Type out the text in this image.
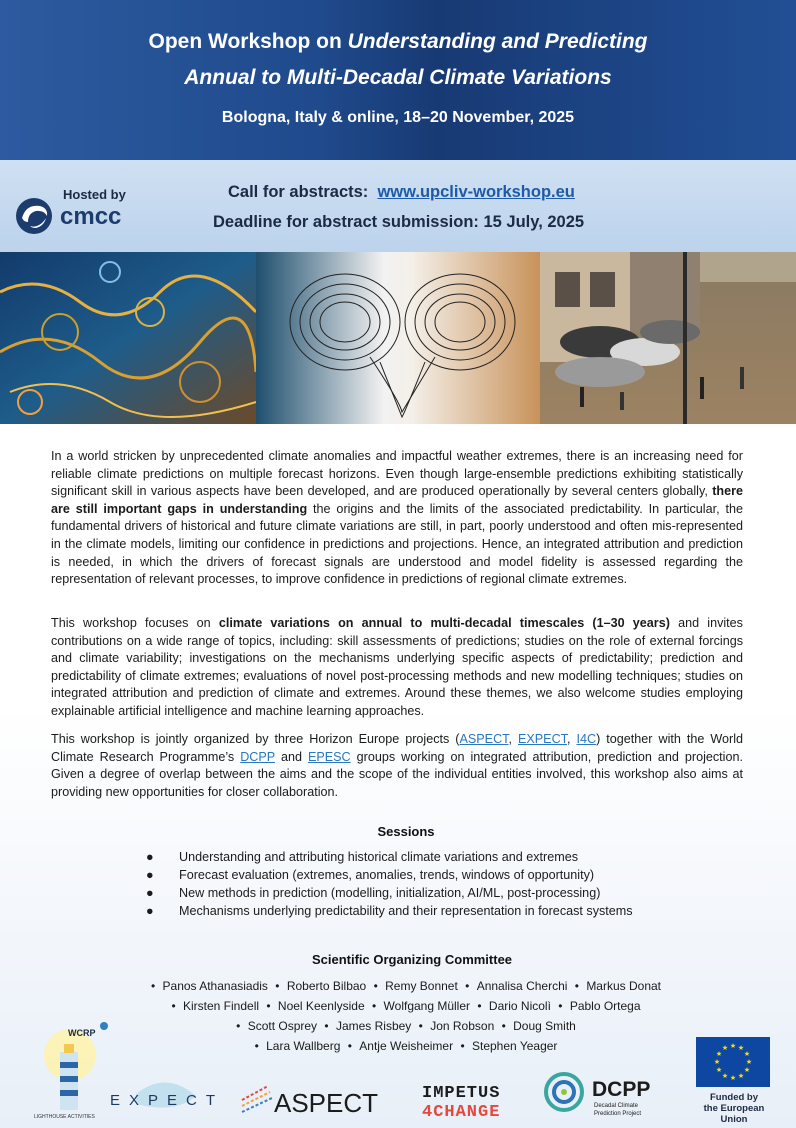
Open Workshop on Understanding and Predicting
Annual to Multi-Decadal Climate Variations
Bologna, Italy & online, 18–20 November, 2025
Hosted by
cmcc
Call for abstracts: www.upcliv-workshop.eu
Deadline for abstract submission: 15 July, 2025

In a world stricken by unprecedented climate anomalies and impactful weather extremes, there is an increasing need for reliable climate predictions on multiple forecast horizons. Even though large-ensemble predictions exhibiting statistically significant skill in various aspects have been developed, and are produced operationally by several centers globally, there are still important gaps in understanding the origins and the limits of the associated predictability. In particular, the fundamental drivers of historical and future climate variations are still, in part, poorly understood and often mis-represented in the climate models, limiting our confidence in predictions and projections. Hence, an integrated attribution and prediction is needed, in which the drivers of forecast signals are understood and model fidelity is assessed regarding the representation of relevant processes, to improve confidence in predictions of regional climate extremes.

This workshop focuses on climate variations on annual to multi-decadal timescales (1–30 years) and invites contributions on a wide range of topics, including: skill assessments of predictions; studies on the role of external forcings and climate variability; investigations on the mechanisms underlying specific aspects of predictability; prediction and predictability of climate extremes; evaluations of novel post-processing methods and new modelling techniques; studies on integrated attribution and prediction of climate and extremes. Around these themes, we also welcome studies employing explainable artificial intelligence and machine learning approaches.

This workshop is jointly organized by three Horizon Europe projects (ASPECT, EXPECT, I4C) together with the World Climate Research Programme’s DCPP and EPESC groups working on integrated attribution, prediction and projection. Given a degree of overlap between the aims and the scope of the individual entities involved, this workshop also aims at providing new opportunities for closer collaboration.

Sessions
●	Understanding and attributing historical climate variations and extremes
●	Forecast evaluation (extremes, anomalies, trends, windows of opportunity)
●	New methods in prediction (modelling, initialization, AI/ML, post-processing)
●	Mechanisms underlying predictability and their representation in forecast systems
Scientific Organizing Committee
• Panos Athanasiadis • Roberto Bilbao • Remy Bonnet • Annalisa Cherchi • Markus Donat
• Kirsten Findell • Noel Keenlyside • Wolfgang Müller • Dario Nicolì • Pablo Ortega
• Scott Osprey • James Risbey • Jon Robson • Doug Smith
• Lara Wallberg • Antje Weisheimer • Stephen Yeager
WCRP
LIGHTHOUSE ACTIVITIES
EXPECT ASPECT	IMPETUS
4CHANGE
DCPP
Decadal Climate
Prediction Project
★ ★
★
★
★
★
★
★
★
★
★
★
Funded by
the European Union
